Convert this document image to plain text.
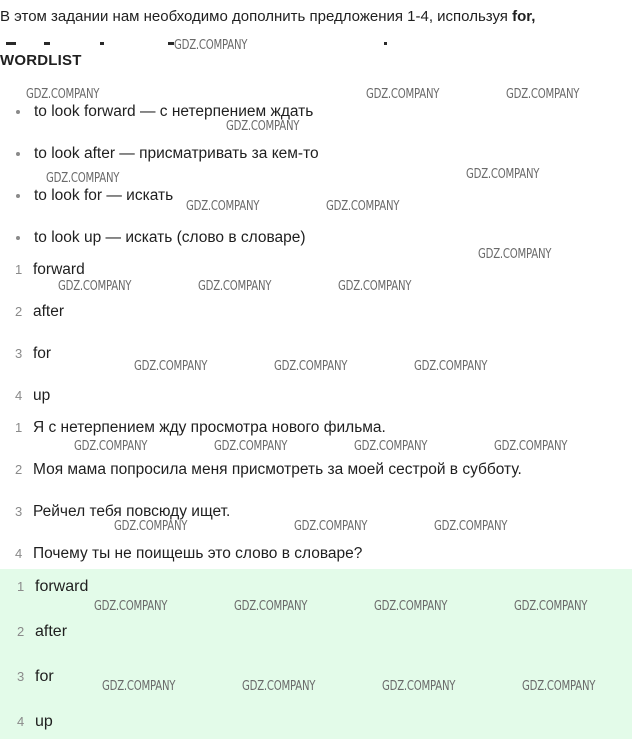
В этом задании нам необходимо дополнить предложения 1-4, используя for,
WORDLIST
to look forward — с нетерпением ждать
to look after — присматривать за кем-то
to look for — искать
to look up — искать (слово в словаре)
1 forward
2 after
3 for
4 up
1 Я с нетерпением жду просмотра нового фильма.
2 Моя мама попросила меня присмотреть за моей сестрой в субботу.
3 Рейчел тебя повсюду ищет.
4 Почему ты не поищешь это слово в словаре?
1 forward
2 after
3 for
4 up
GDZ.COMPANY
GDZ.COMPANY	GDZ.COMPANY	GDZ.COMPANY
GDZ.COMPANY
GDZ.COMPANY	GDZ.COMPANY
GDZ.COMPANY	GDZ.COMPANY
GDZ.COMPANY
GDZ.COMPANY	GDZ.COMPANY	GDZ.COMPANY
GDZ.COMPANY	GDZ.COMPANY	GDZ.COMPANY
GDZ.COMPANY	GDZ.COMPANY	GDZ.COMPANY	GDZ.COMPANY
GDZ.COMPANY	GDZ.COMPANY	GDZ.COMPANY
GDZ.COMPANY	GDZ.COMPANY	GDZ.COMPANY	GDZ.COMPANY
GDZ.COMPANY	GDZ.COMPANY	GDZ.COMPANY	GDZ.COMPANY
